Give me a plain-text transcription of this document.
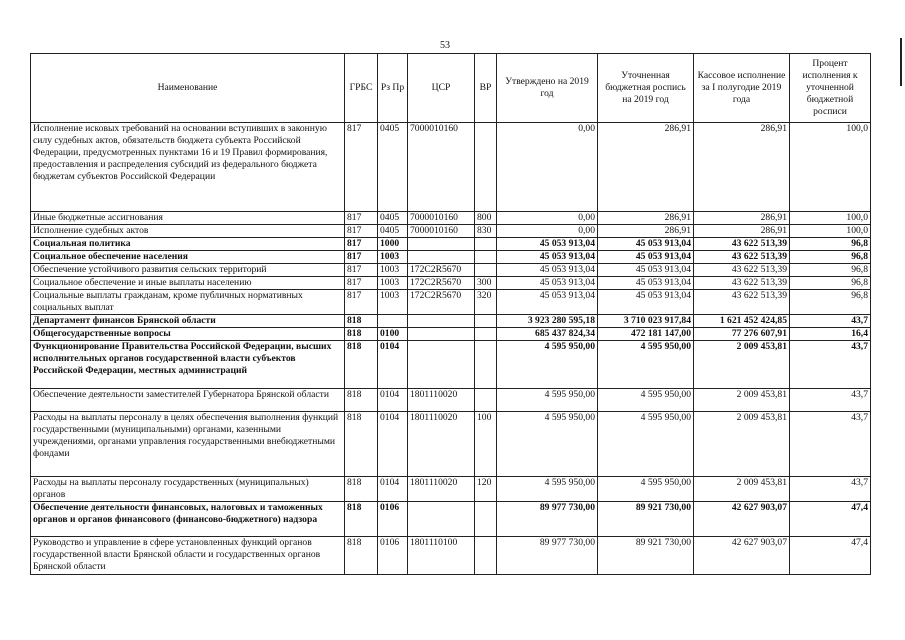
53
Наименование	ГРБС	Рз Пр	ЦСР	ВР	Утверждено на 2019 год	Уточненная бюджетная роспись на 2019 год	Кассовое исполнение за I полугодие 2019 года	Процент исполнения к уточненной бюджетной росписи
Исполнение исковых требований на основании вступивших в законную силу судебных актов, обязательств бюджета субъекта Российской Федерации, предусмотренных пунктами 16 и 19 Правил формирования, предоставления и распределения субсидий из федерального бюджета бюджетам субъектов Российской Федерации	817	0405	7000010160		0,00	286,91	286,91	100,0
Иные бюджетные ассигнования	817	0405	7000010160	800	0,00	286,91	286,91	100,0
Исполнение судебных актов	817	0405	7000010160	830	0,00	286,91	286,91	100,0
Социальная политика	817	1000			45 053 913,04	45 053 913,04	43 622 513,39	96,8
Социальное обеспечение населения	817	1003			45 053 913,04	45 053 913,04	43 622 513,39	96,8
Обеспечение устойчивого развития сельских территорий	817	1003	172C2R5670		45 053 913,04	45 053 913,04	43 622 513,39	96,8
Социальное обеспечение и иные выплаты населению	817	1003	172C2R5670	300	45 053 913,04	45 053 913,04	43 622 513,39	96,8
Социальные выплаты гражданам, кроме публичных нормативных социальных выплат	817	1003	172C2R5670	320	45 053 913,04	45 053 913,04	43 622 513,39	96,8
Департамент финансов Брянской области	818				3 923 280 595,18	3 710 023 917,84	1 621 452 424,85	43,7
Общегосударственные вопросы	818	0100			685 437 824,34	472 181 147,00	77 276 607,91	16,4
Функционирование Правительства Российской Федерации, высших исполнительных органов государственной власти субъектов Российской Федерации, местных администраций	818	0104			4 595 950,00	4 595 950,00	2 009 453,81	43,7
Обеспечение деятельности заместителей Губернатора Брянской области	818	0104	1801110020		4 595 950,00	4 595 950,00	2 009 453,81	43,7
Расходы на выплаты персоналу в целях обеспечения выполнения функций государственными (муниципальными) органами, казенными учреждениями, органами управления государственными внебюджетными фондами	818	0104	1801110020	100	4 595 950,00	4 595 950,00	2 009 453,81	43,7
Расходы на выплаты персоналу государственных (муниципальных) органов	818	0104	1801110020	120	4 595 950,00	4 595 950,00	2 009 453,81	43,7
Обеспечение деятельности финансовых, налоговых и таможенных органов и органов финансового (финансово-бюджетного) надзора	818	0106			89 977 730,00	89 921 730,00	42 627 903,07	47,4
Руководство и управление в сфере установленных функций органов государственной власти Брянской области и государственных органов Брянской области	818	0106	1801110100		89 977 730,00	89 921 730,00	42 627 903,07	47,4
